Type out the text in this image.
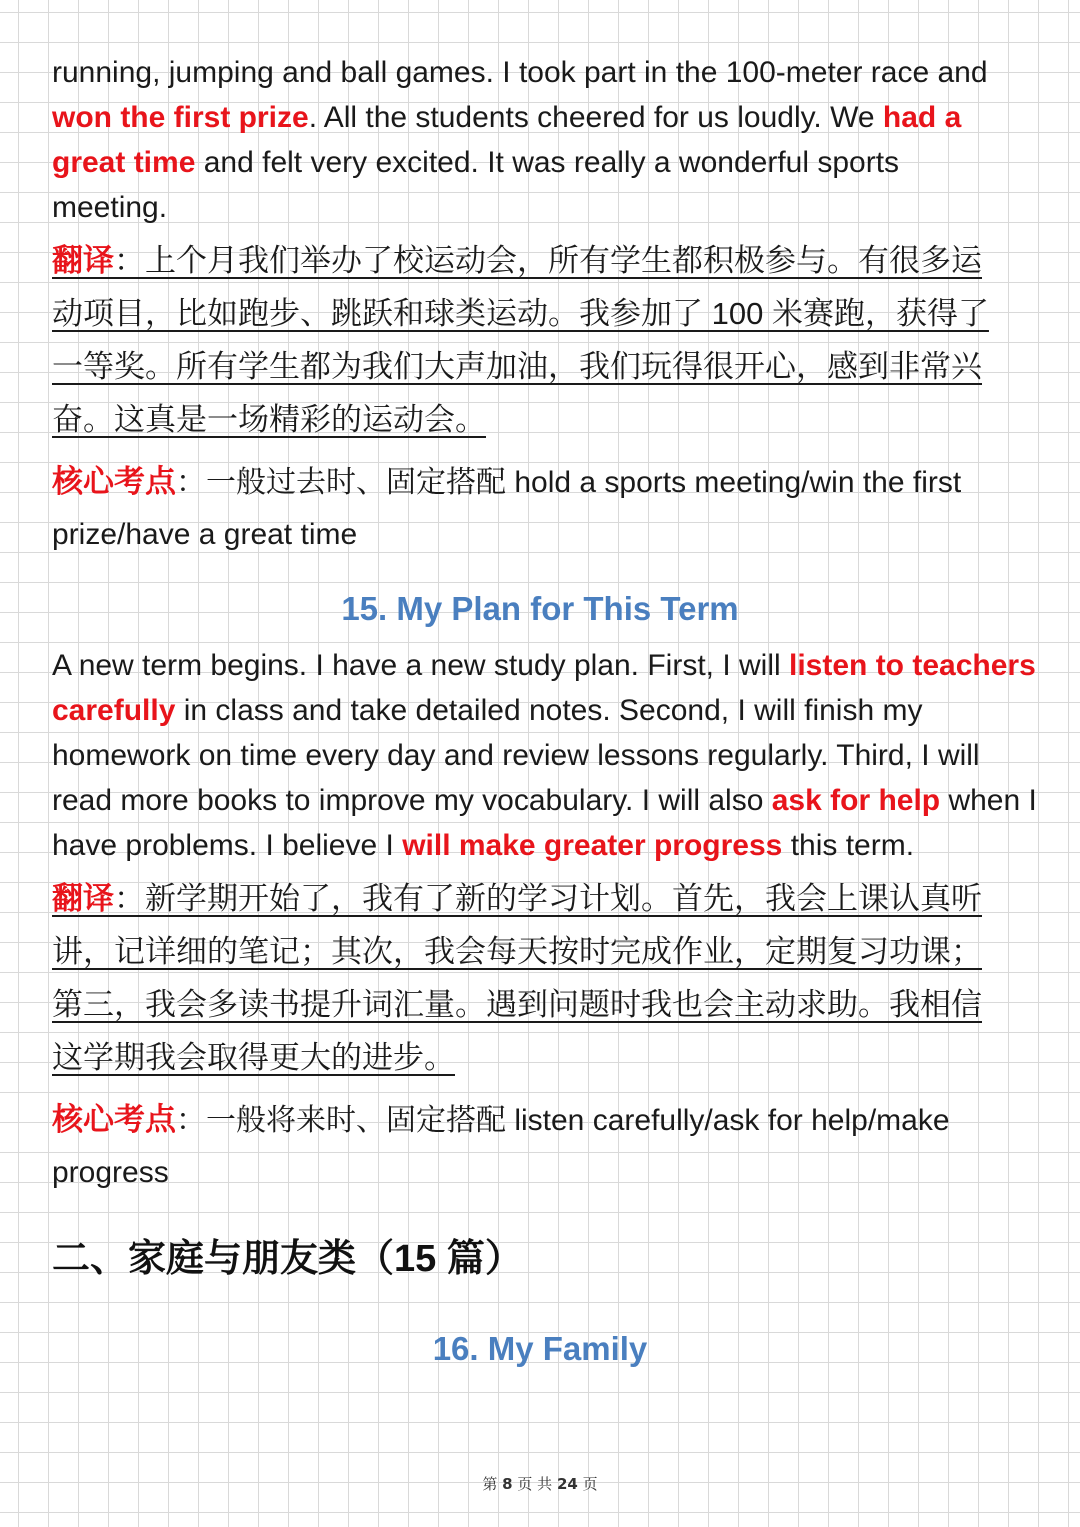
running, jumping and ball games. I took part in the 100-meter race and won the first prize. All the students cheered for us loudly. We had a great time and felt very excited. It was really a wonderful sports meeting.

翻译：上个月我们举办了校运动会，所有学生都积极参与。有很多运动项目，比如跑步、跳跃和球类运动。我参加了 100 米赛跑，获得了一等奖。所有学生都为我们大声加油，我们玩得很开心，感到非常兴奋。这真是一场精彩的运动会。

核心考点：一般过去时、固定搭配 hold a sports meeting/win the first prize/have a great time

15. My Plan for This Term

A new term begins. I have a new study plan. First, I will listen to teachers carefully in class and take detailed notes. Second, I will finish my homework on time every day and review lessons regularly. Third, I will read more books to improve my vocabulary. I will also ask for help when I have problems. I believe I will make greater progress this term.

翻译：新学期开始了，我有了新的学习计划。首先，我会上课认真听讲，记详细的笔记；其次，我会每天按时完成作业，定期复习功课；第三，我会多读书提升词汇量。遇到问题时我也会主动求助。我相信这学期我会取得更大的进步。

核心考点：一般将来时、固定搭配 listen carefully/ask for help/make progress

二、家庭与朋友类（15 篇）
16. My Family
第 8 页 共 24 页
